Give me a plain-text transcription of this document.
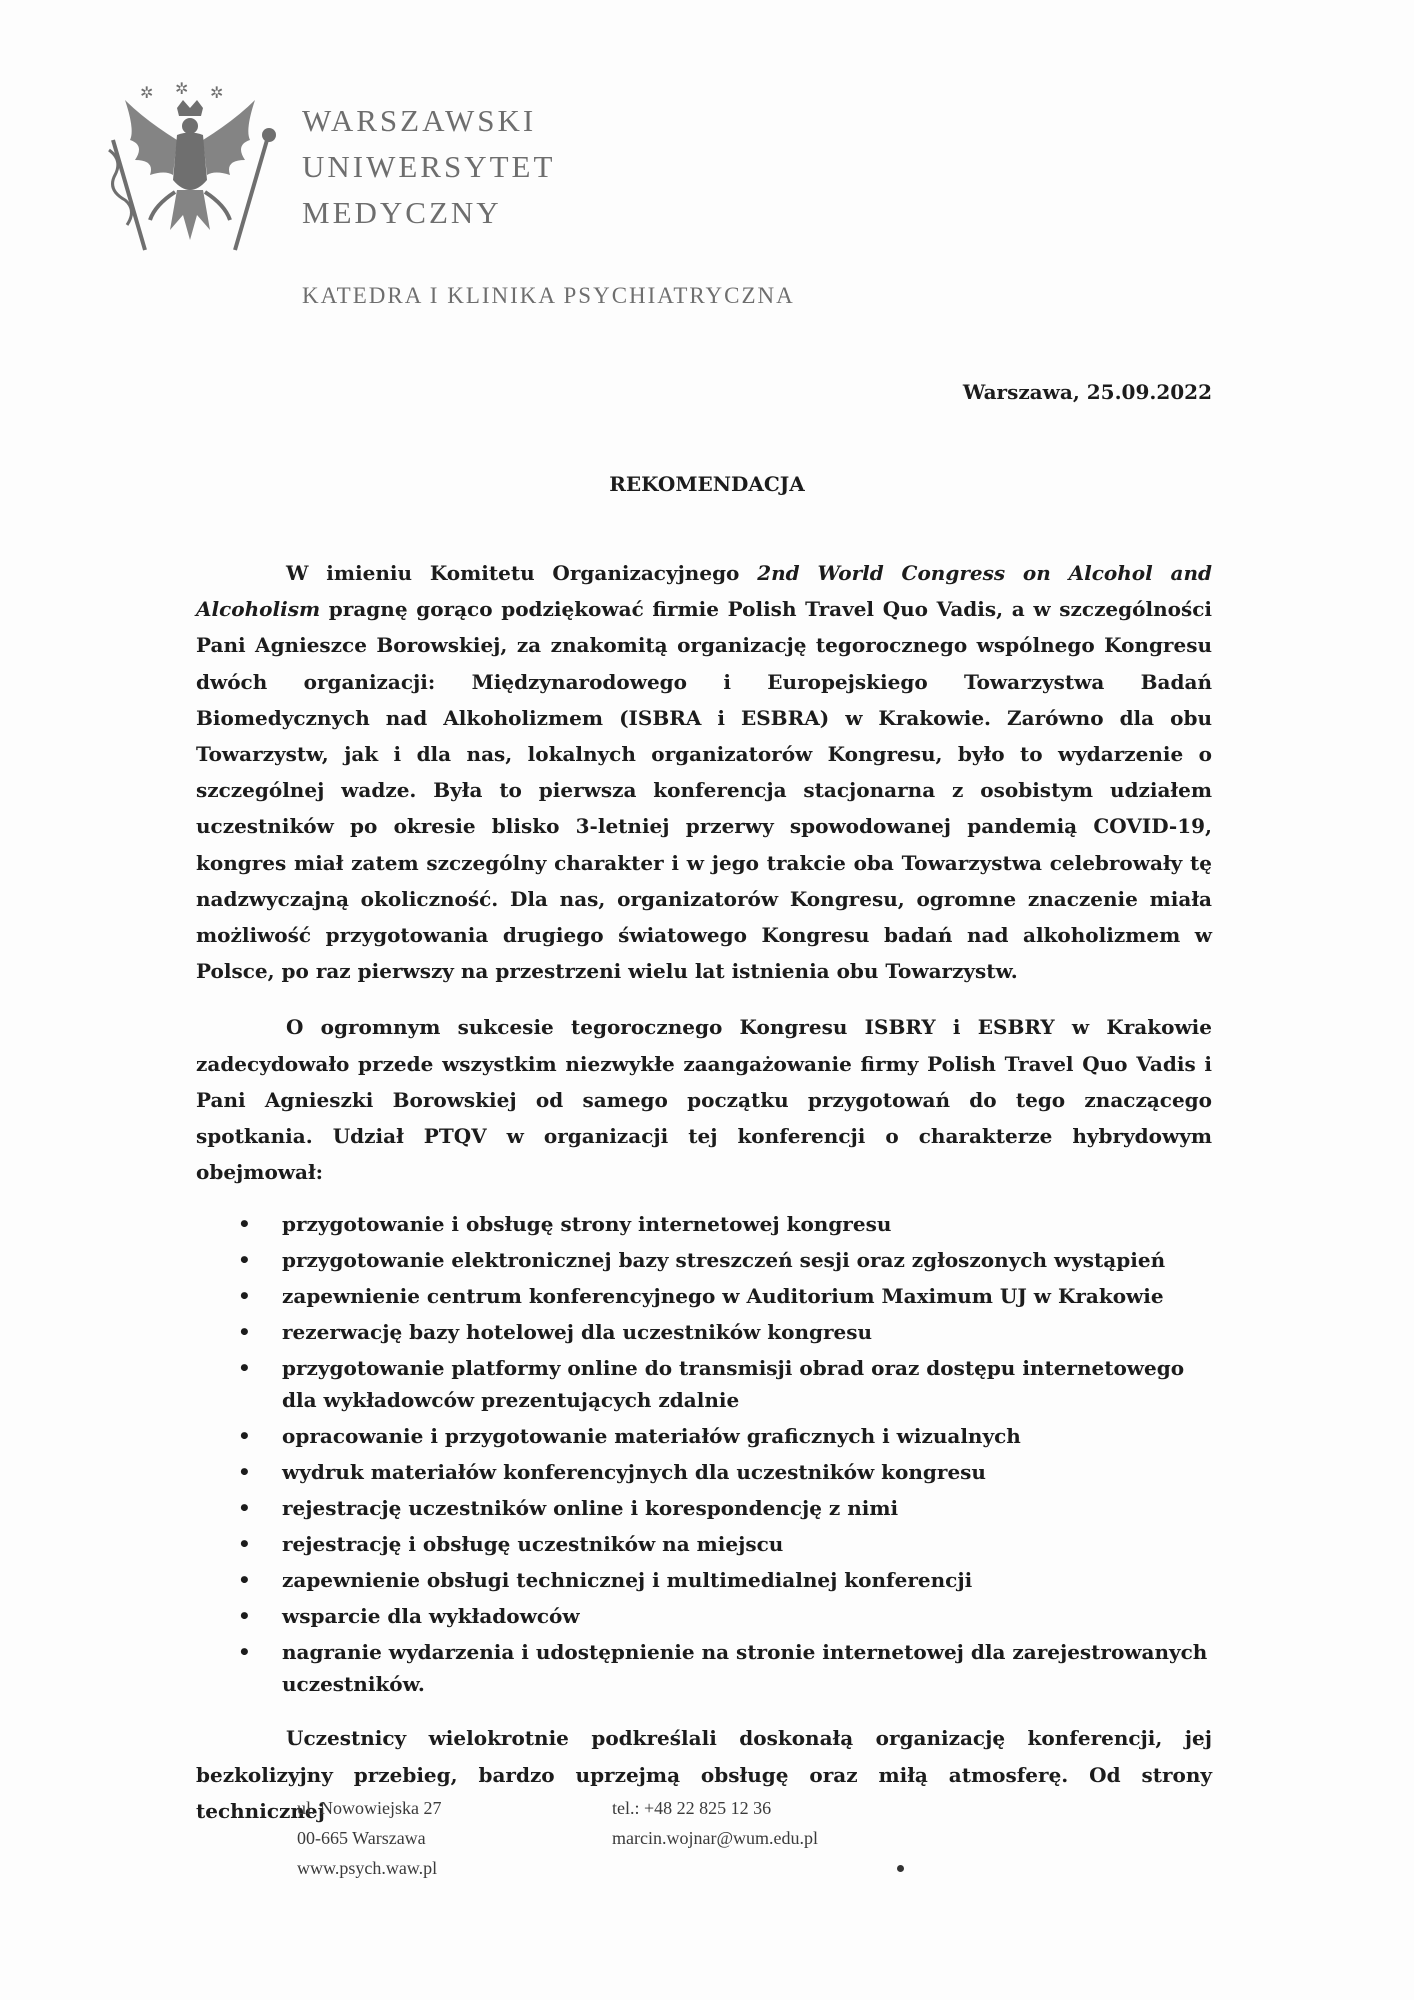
✲ ✲ ✲
WARSZAWSKI
UNIWERSYTET
MEDYCZNY
KATEDRA I KLINIKA PSYCHIATRYCZNA
Warszawa, 25.09.2022
REKOMENDACJA

W imieniu Komitetu Organizacyjnego 2nd World Congress on Alcohol and Alcoholism pragnę gorąco podziękować firmie Polish Travel Quo Vadis, a w szczególności Pani Agnieszce Borowskiej, za znakomitą organizację tegorocznego wspólnego Kongresu dwóch organizacji: Międzynarodowego i Europejskiego Towarzystwa Badań Biomedycznych nad Alkoholizmem (ISBRA i ESBRA) w Krakowie. Zarówno dla obu Towarzystw, jak i dla nas, lokalnych organizatorów Kongresu, było to wydarzenie o szczególnej wadze. Była to pierwsza konferencja stacjonarna z osobistym udziałem uczestników po okresie blisko 3-letniej przerwy spowodowanej pandemią COVID-19, kongres miał zatem szczególny charakter i w jego trakcie oba Towarzystwa celebrowały tę nadzwyczajną okoliczność. Dla nas, organizatorów Kongresu, ogromne znaczenie miała możliwość przygotowania drugiego światowego Kongresu badań nad alkoholizmem w Polsce, po raz pierwszy na przestrzeni wielu lat istnienia obu Towarzystw.

O ogromnym sukcesie tegorocznego Kongresu ISBRY i ESBRY w Krakowie zadecydowało przede wszystkim niezwykłe zaangażowanie firmy Polish Travel Quo Vadis i Pani Agnieszki Borowskiej od samego początku przygotowań do tego znaczącego spotkania. Udział PTQV w organizacji tej konferencji o charakterze hybrydowym obejmował:

• przygotowanie i obsługę strony internetowej kongresu
• przygotowanie elektronicznej bazy streszczeń sesji oraz zgłoszonych wystąpień
• zapewnienie centrum konferencyjnego w Auditorium Maximum UJ w Krakowie
• rezerwację bazy hotelowej dla uczestników kongresu
• przygotowanie platformy online do transmisji obrad oraz dostępu internetowego dla wykładowców prezentujących zdalnie
• opracowanie i przygotowanie materiałów graficznych i wizualnych
• wydruk materiałów konferencyjnych dla uczestników kongresu
• rejestrację uczestników online i korespondencję z nimi
• rejestrację i obsługę uczestników na miejscu
• zapewnienie obsługi technicznej i multimedialnej konferencji
• wsparcie dla wykładowców
• nagranie wydarzenia i udostępnienie na stronie internetowej dla zarejestrowanych uczestników.

Uczestnicy wielokrotnie podkreślali doskonałą organizację konferencji, jej bezkolizyjny przebieg, bardzo uprzejmą obsługę oraz miłą atmosferę. Od strony technicznej

ul. Nowowiejska 27
00-665 Warszawa
www.psych.waw.pl
tel.: +48 22 825 12 36
marcin.wojnar@wum.edu.pl
